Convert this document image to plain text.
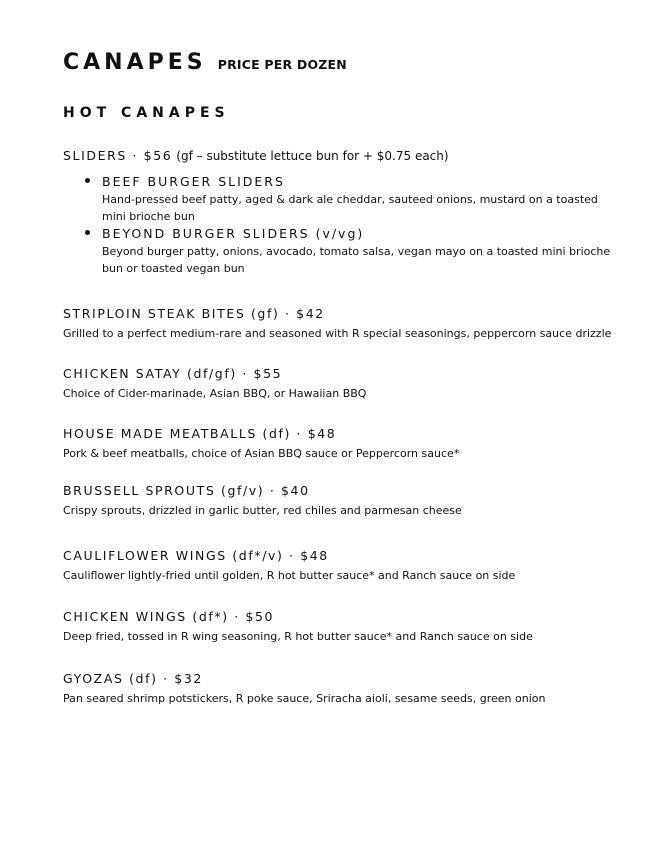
CANAPES PRICE PER DOZEN
HOT CANAPES
SLIDERS · $56 (gf – substitute lettuce bun for + $0.75 each)
BEEF BURGER SLIDERS
Hand-pressed beef patty, aged & dark ale cheddar, sauteed onions, mustard on a toasted mini brioche bun
BEYOND BURGER SLIDERS (v/vg)
Beyond burger patty, onions, avocado, tomato salsa, vegan mayo on a toasted mini brioche bun or toasted vegan bun
STRIPLOIN STEAK BITES (gf) · $42
Grilled to a perfect medium-rare and seasoned with R special seasonings, peppercorn sauce drizzle
CHICKEN SATAY (df/gf) · $55
Choice of Cider-marinade, Asian BBQ, or Hawaiian BBQ
HOUSE MADE MEATBALLS (df) · $48
Pork & beef meatballs, choice of Asian BBQ sauce or Peppercorn sauce*
BRUSSELL SPROUTS (gf/v) · $40
Crispy sprouts, drizzled in garlic butter, red chiles and parmesan cheese
CAULIFLOWER WINGS (df*/v) · $48
Cauliflower lightly-fried until golden, R hot butter sauce* and Ranch sauce on side
CHICKEN WINGS (df*) · $50
Deep fried, tossed in R wing seasoning, R hot butter sauce* and Ranch sauce on side
GYOZAS (df) · $32
Pan seared shrimp potstickers, R poke sauce, Sriracha aioli, sesame seeds, green onion
